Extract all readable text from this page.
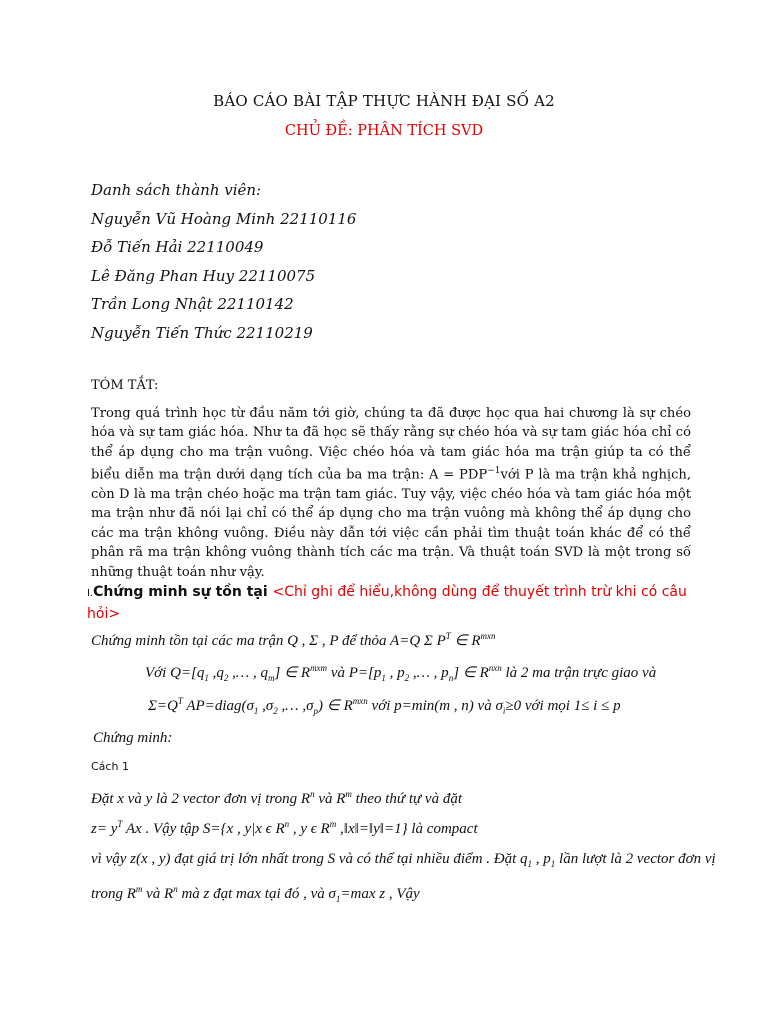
BÁO CÁO BÀI TẬP THỰC HÀNH ĐẠI SỐ A2
CHỦ ĐỀ: PHÂN TÍCH SVD
Danh sách thành viên:
Nguyễn Vũ Hoàng Minh 22110116
Đỗ Tiến Hải 22110049
Lê Đăng Phan Huy 22110075
Trần Long Nhật 22110142
Nguyễn Tiến Thức 22110219
TÓM TẮT:
Trong quá trình học từ đầu năm tới giờ, chúng ta đã được học qua hai chương là sự chéo hóa và sự tam giác hóa. Như ta đã học sẽ thấy rằng sự chéo hóa và sự tam giác hóa chỉ có thể áp dụng cho ma trận vuông. Việc chéo hóa và tam giác hóa ma trận giúp ta có thể biểu diễn ma trận dưới dạng tích của ba ma trận: $A = PDP^{-1}với$ P là ma trận khả nghịch, còn D là ma trận chéo hoặc ma trận tam giác. Tuy vậy, việc chéo hóa và tam giác hóa một ma trận như đã nói lại chỉ có thể áp dụng cho ma trận vuông mà không thể áp dụng cho các ma trận không vuông. Điều này dẫn tới việc cần phải tìm thuật toán khác để có thể phân rã ma trận không vuông thành tích các ma trận. Và thuật toán SVD là một trong số những thuật toán như vậy.
I.Chứng minh sự tồn tại <Chỉ ghi để hiểu,không dùng để thuyết trình trừ khi có câu hỏi>
Chứng minh tồn tại các ma trận Q , Σ , P để thỏa A=Q Σ $P^T$ ∈ $R^{mxn}$
Với $Q=[q_1$ $,q_2$ ,… , $q_m$] ∈ $R^{mxm}$ và $P=[p_1$ , $p_2$ ,… , $p_n$] ∈ $R^{nxn}$ là 2 ma trận trực giao và
$\Sigma=Q^T$ $AP=diag(\sigma_1$ $,\sigma_2$ ,… $,\sigma_p$) ∈ $R^{mxn}$ với p=min(m , n) và $\sigma_i\ge 0$ với mọi 1≤ i ≤ p
Chứng minh:
Cách 1
Đặt x và y là 2 vector đơn vị trong $R^n$ và $R^m$ theo thứ tự và đặt
$z= y^T$ Ax . Vậy tập S={x , y|x ϵ $R^n$ , y ϵ $R^m$ ,‖x‖=‖y‖=1} là compact
vì vậy z(x , y) đạt giá trị lớn nhất trong S và có thể tại nhiều điểm . Đặt $q_1$ , $p_1$ lần lượt là 2 vector đơn vị
trong $R^m$ và $R^n$ mà z đạt max tại đó , và $\sigma_1=\max$ z , Vậy
